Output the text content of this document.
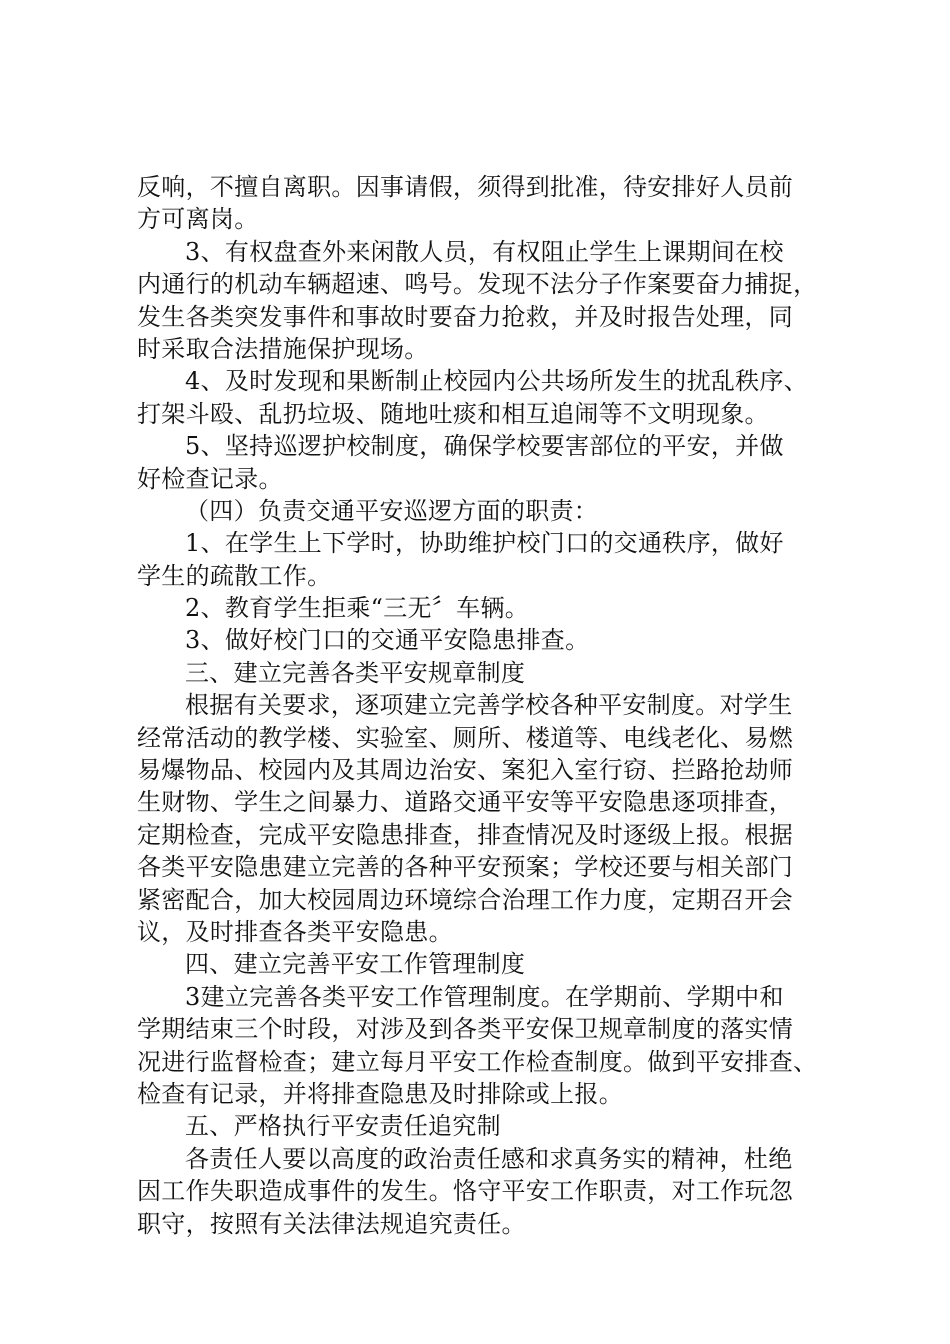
反响，不擅自离职。因事请假，须得到批准，待安排好人员前
方可离岗。
3、有权盘查外来闲散人员，有权阻止学生上课期间在校
内通行的机动车辆超速、鸣号。发现不法分子作案要奋力捕捉，
发生各类突发事件和事故时要奋力抢救，并及时报告处理，同
时采取合法措施保护现场。
4、及时发现和果断制止校园内公共场所发生的扰乱秩序、
打架斗殴、乱扔垃圾、随地吐痰和相互追闹等不文明现象。
5、坚持巡逻护校制度，确保学校要害部位的平安，并做
好检查记录。
（四）负责交通平安巡逻方面的职责：
1、在学生上下学时，协助维护校门口的交通秩序，做好
学生的疏散工作。
2、教育学生拒乘“三无〞车辆。
3、做好校门口的交通平安隐患排查。
三、建立完善各类平安规章制度
根据有关要求，逐项建立完善学校各种平安制度。对学生
经常活动的教学楼、实验室、厕所、楼道等、电线老化、易燃
易爆物品、校园内及其周边治安、案犯入室行窃、拦路抢劫师
生财物、学生之间暴力、道路交通平安等平安隐患逐项排查，
定期检查，完成平安隐患排查，排查情况及时逐级上报。根据
各类平安隐患建立完善的各种平安预案；学校还要与相关部门
紧密配合，加大校园周边环境综合治理工作力度，定期召开会
议，及时排查各类平安隐患。
四、建立完善平安工作管理制度
3建立完善各类平安工作管理制度。在学期前、学期中和
学期结束三个时段，对涉及到各类平安保卫规章制度的落实情
况进行监督检查；建立每月平安工作检查制度。做到平安排查、
检查有记录，并将排查隐患及时排除或上报。
五、严格执行平安责任追究制
各责任人要以高度的政治责任感和求真务实的精神，杜绝
因工作失职造成事件的发生。恪守平安工作职责，对工作玩忽
职守，按照有关法律法规追究责任。
